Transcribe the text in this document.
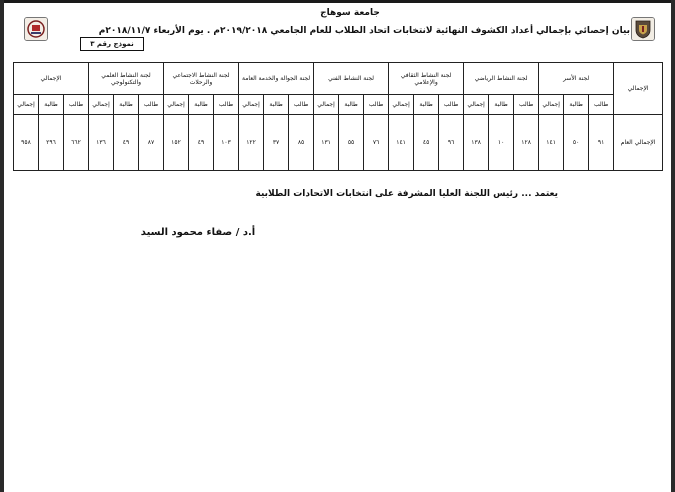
جامعة سوهاج
بيان إحصائي بإجمالي أعداد الكشوف النهائية لانتخابات اتحاد الطلاب للعام الجامعي ٢٠١٩/٢٠١٨م . يوم الأربعاء ٢٠١٨/١١/٧م
نموذج رقم ٣
الإجمالي	لجنة الأسر			لجنة النشاط الرياضي			لجنة النشاط الثقافي والإعلامي			لجنة النشاط الفني			لجنة الجوالة والخدمة العامة			لجنة النشاط الاجتماعي والرحلات			لجنة النشاط العلمي والتكنولوجي			الإجمالي		
	طالب	طالبة	إجمالي	طالب	طالبة	إجمالي	طالب	طالبة	إجمالي	طالب	طالبة	إجمالي	طالب	طالبة	إجمالي	طالب	طالبة	إجمالي	طالب	طالبة	إجمالي	طالب	طالبة	إجمالي
الإجمالي العام	٩١	٥٠	١٤١	١٢٨	١٠	١٣٨	٩٦	٤٥	١٤١	٧٦	٥٥	١٣١	٨٥	٣٧	١٢٢	١٠٣	٤٩	١٥٢	٨٧	٤٩	١٣٦	٦٦٢	٢٩٦	٩٥٨
يعتمد ... رئيس اللجنة العليا المشرفة على انتخابات الاتحادات الطلابية
أ.د / صفاء محمود السيد
